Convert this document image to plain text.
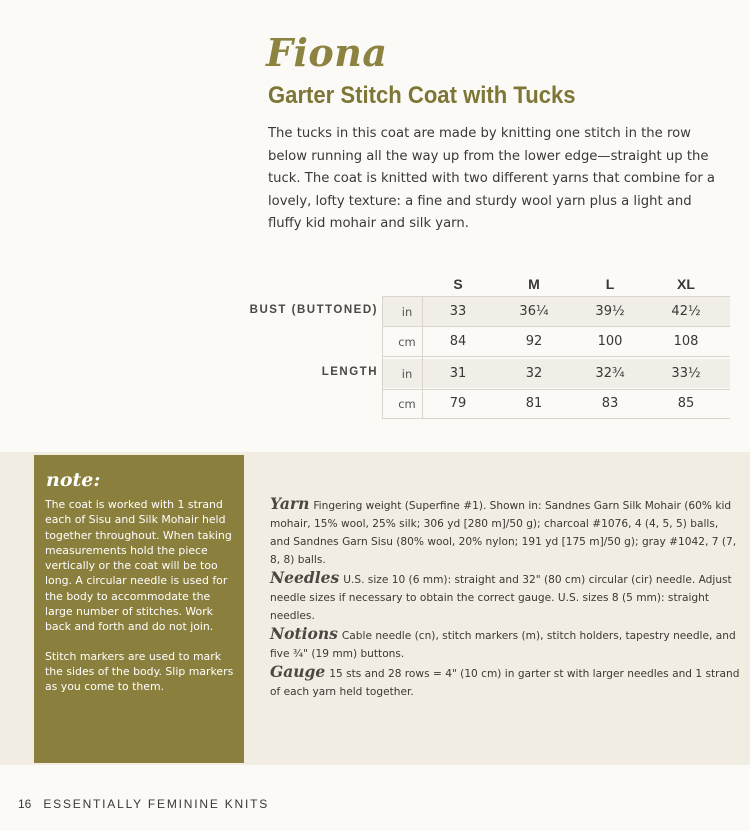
Fiona
Garter Stitch Coat with Tucks

The tucks in this coat are made by knitting one stitch in the row below running all the way up from the lower edge—straight up the tuck. The coat is knitted with two different yarns that combine for a lovely, lofty texture: a fine and sturdy wool yarn plus a light and fluffy kid mohair and silk yarn.

S	M	L	XL
BUST (BUTTONED)	in	33	36¼	39½	42½
cm	84	92	100	108
LENGTH	in	31	32	32¾	33½
cm	79	81	83	85

note:

The coat is worked with 1 strand each of Sisu and Silk Mohair held together throughout. When taking measurements hold the piece vertically or the coat will be too long. A circular needle is used for the body to accommodate the large number of stitches. Work back and forth and do not join.

Stitch markers are used to mark the sides of the body. Slip markers as you come to them.

Yarn Fingering weight (Superfine #1). Shown in: Sandnes Garn Silk Mohair (60% kid mohair, 15% wool, 25% silk; 306 yd [280 m]/50 g); charcoal #1076, 4 (4, 5, 5) balls, and Sandnes Garn Sisu (80% wool, 20% nylon; 191 yd [175 m]/50 g); gray #1042, 7 (7, 8, 8) balls.

Needles U.S. size 10 (6 mm): straight and 32" (80 cm) circular (cir) needle. Adjust needle sizes if necessary to obtain the correct gauge. U.S. sizes 8 (5 mm): straight needles.

Notions Cable needle (cn), stitch markers (m), stitch holders, tapestry needle, and five ¾" (19 mm) buttons.

Gauge 15 sts and 28 rows = 4" (10 cm) in garter st with larger needles and 1 strand of each yarn held together.

16 ESSENTIALLY FEMININE KNITS
